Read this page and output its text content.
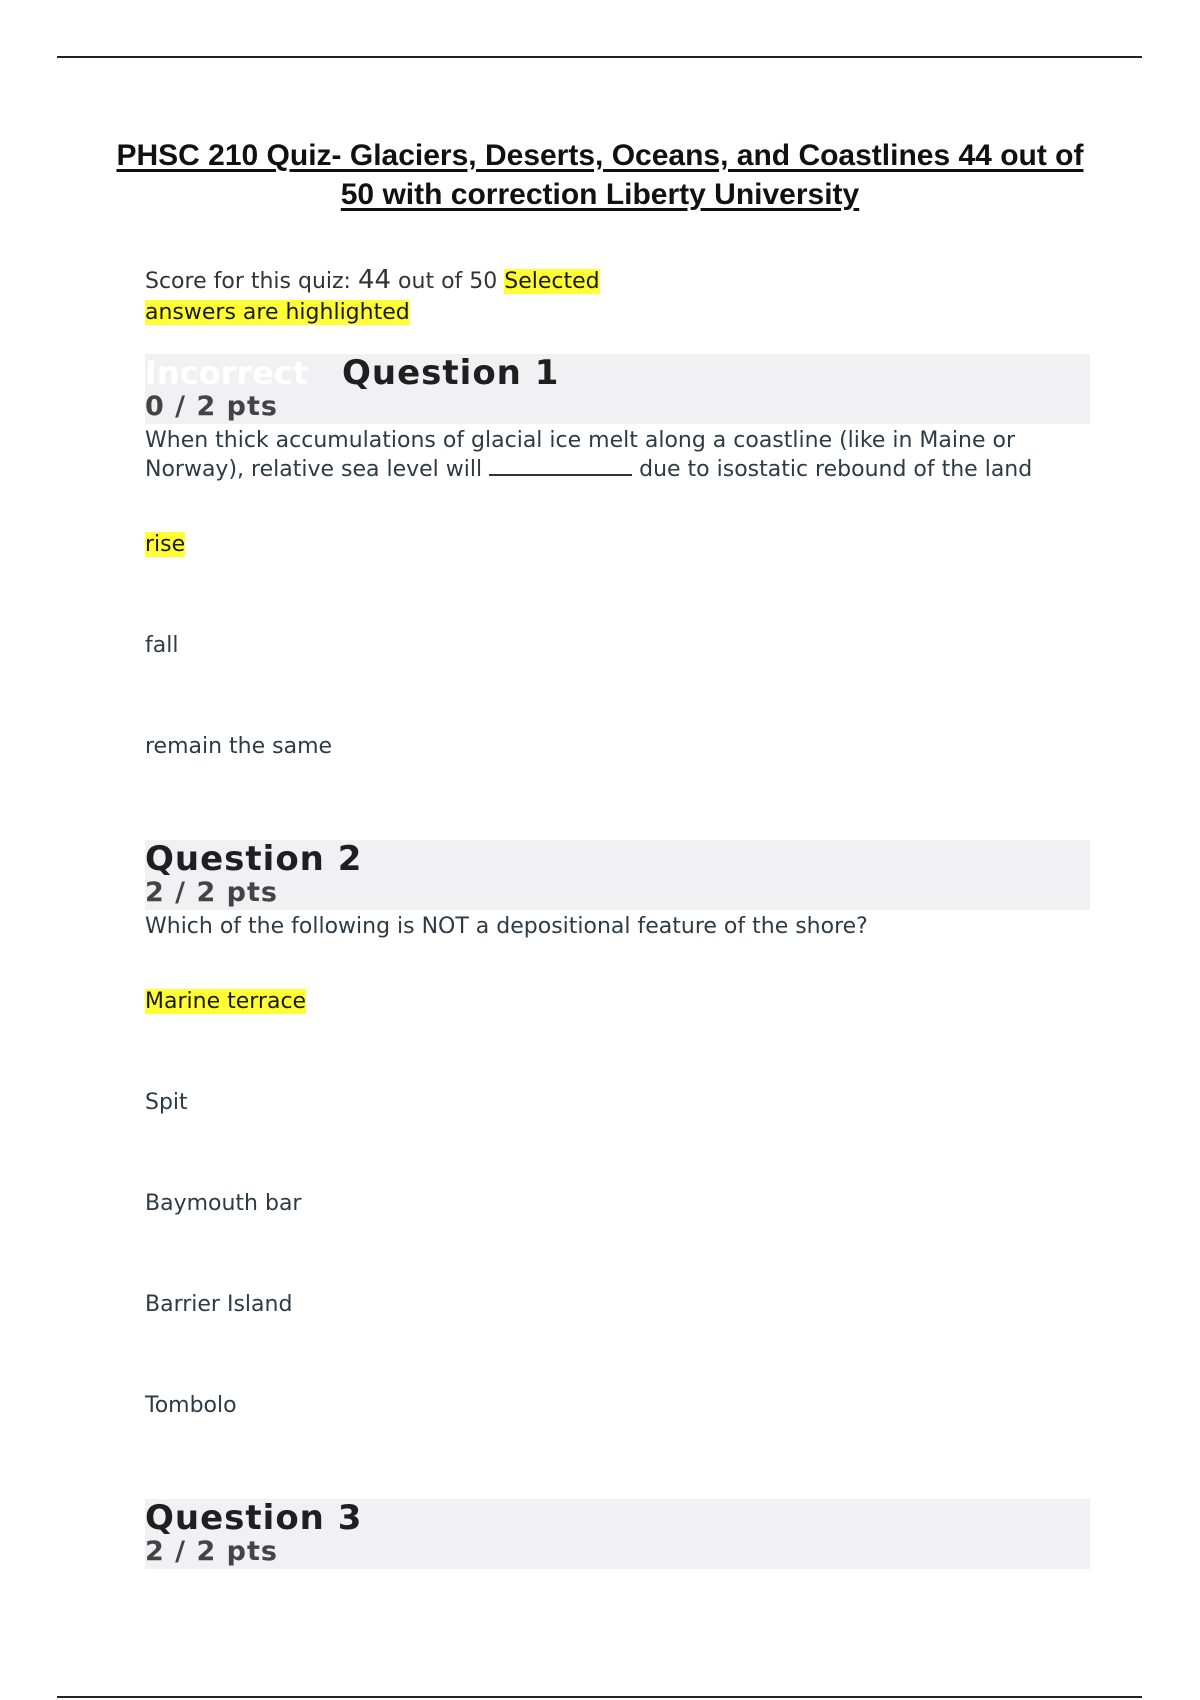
PHSC 210 Quiz- Glaciers, Deserts, Oceans, and Coastlines 44 out of 50 with correction Liberty University
Score for this quiz: 44 out of 50 Selected answers are highlighted
Incorrect Question 1
0 / 2 pts
When thick accumulations of glacial ice melt along a coastline (like in Maine or Norway), relative sea level will	due to isostatic rebound of the land
rise
fall
remain the same
Question 2
2 / 2 pts
Which of the following is NOT a depositional feature of the shore?
Marine terrace
Spit
Baymouth bar
Barrier Island
Tombolo
Question 3
2 / 2 pts
